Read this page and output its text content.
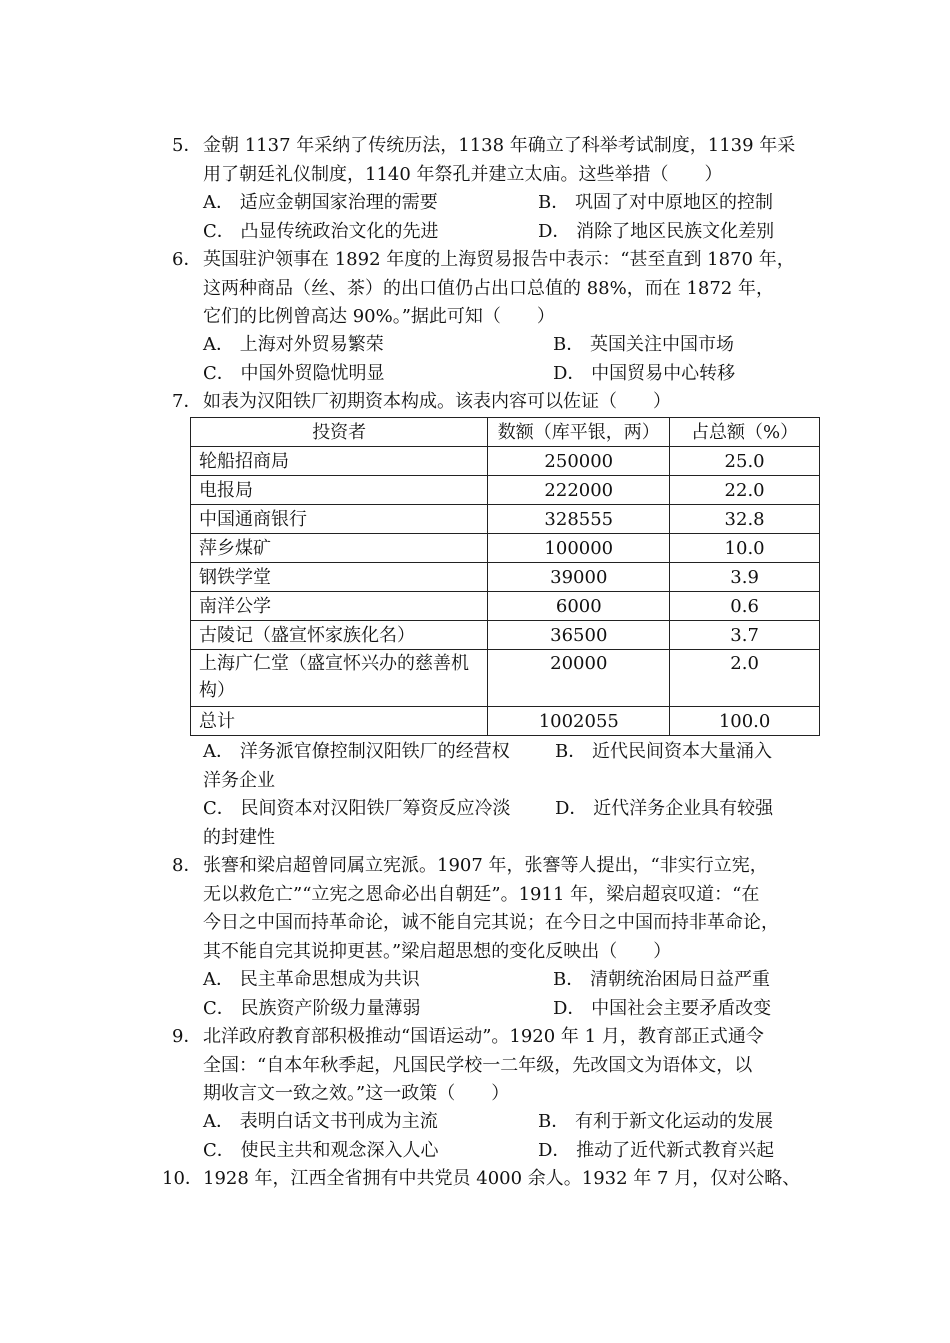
5．金朝 1137 年采纳了传统历法，1138 年确立了科举考试制度，1139 年采
用了朝廷礼仪制度，1140 年祭孔并建立太庙。这些举措（　　）
A． 适应金朝国家治理的需要	B． 巩固了对中原地区的控制
C． 凸显传统政治文化的先进	D． 消除了地区民族文化差别
6．英国驻沪领事在 1892 年度的上海贸易报告中表示：“甚至直到 1870 年，
这两种商品（丝、茶）的出口值仍占出口总值的 88%，而在 1872 年，
它们的比例曾高达 90%。”据此可知（　　）
A． 上海对外贸易繁荣	B． 英国关注中国市场
C． 中国外贸隐忧明显	D． 中国贸易中心转移
7．如表为汉阳铁厂初期资本构成。该表内容可以佐证（　　）
投资者	数额（库平银，两）	占总额（%）
轮船招商局	250000	25.0
电报局	222000	22.0
中国通商银行	328555	32.8
萍乡煤矿	100000	10.0
钢铁学堂	39000	3.9
南洋公学	6000	0.6
古陵记（盛宣怀家族化名）	36500	3.7
上海广仁堂（盛宣怀兴办的慈善机构）	20000	2.0
总计	1002055	100.0
A． 洋务派官僚控制汉阳铁厂的经营权	B． 近代民间资本大量涌入
洋务企业
C． 民间资本对汉阳铁厂筹资反应冷淡	D． 近代洋务企业具有较强
的封建性
8．张謇和梁启超曾同属立宪派。1907 年，张謇等人提出，“非实行立宪，
无以救危亡”“立宪之恩命必出自朝廷”。1911 年，梁启超哀叹道：“在
今日之中国而持革命论，诚不能自完其说；在今日之中国而持非革命论，
其不能自完其说抑更甚。”梁启超思想的变化反映出（　　）
A． 民主革命思想成为共识	B． 清朝统治困局日益严重
C． 民族资产阶级力量薄弱	D． 中国社会主要矛盾改变
9．北洋政府教育部积极推动“国语运动”。1920 年 1 月，教育部正式通令
全国：“自本年秋季起，凡国民学校一二年级，先改国文为语体文，以
期收言文一致之效。”这一政策（　　）
A． 表明白话文书刊成为主流	B． 有利于新文化运动的发展
C． 使民主共和观念深入人心	D． 推动了近代新式教育兴起
10．1928 年，江西全省拥有中共党员 4000 余人。1932 年 7 月，仅对公略、
